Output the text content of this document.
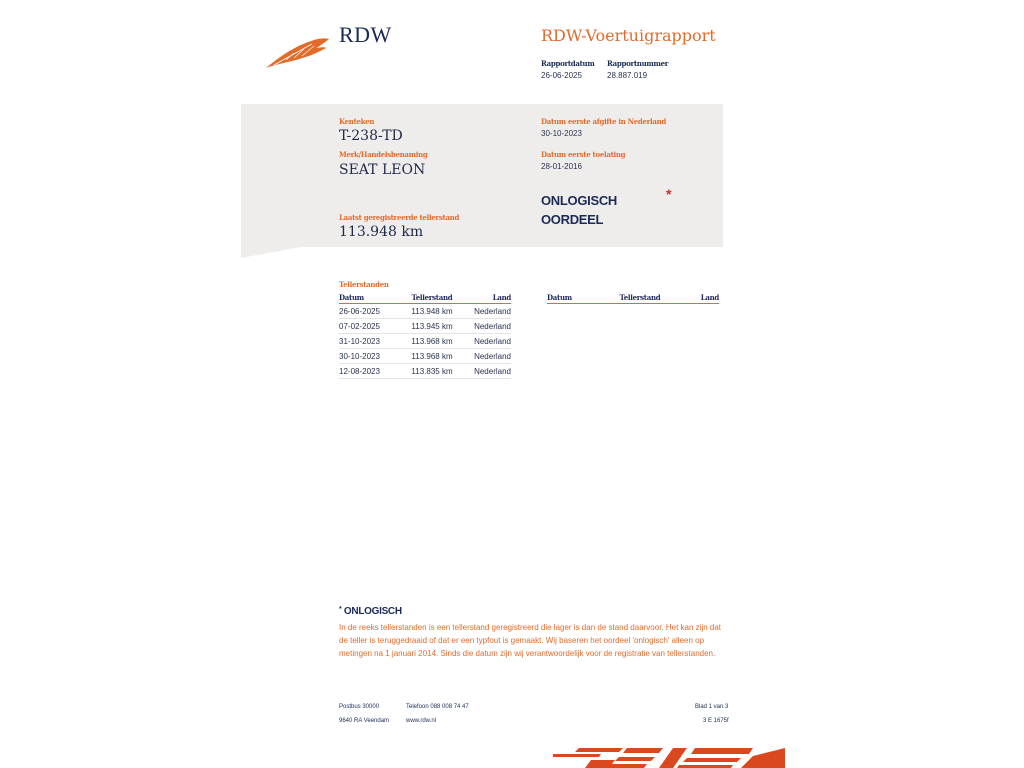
RDW	RDW-Voertuigrapport
Rapportdatum
26-06-2025
Rapportnummer
28.887.019
Kenteken
T-238-TD
Merk/Handelsbenaming
SEAT LEON
Laatst geregistreerde tellerstand
113.948 km
Datum eerste afgifte in Nederland
30-10-2023
Datum eerste toelating
28-01-2016
ONLOGISCH OORDEEL
*
Tellerstanden
Datum	Tellerstand	Land
26-06-2025	113.948 km	Nederland
07-02-2025	113.945 km	Nederland
31-10-2023	113.968 km	Nederland
30-10-2023	113.968 km	Nederland
12-08-2023	113.835 km	Nederland
Datum	Tellerstand	Land
* ONLOGISCH
In de reeks tellerstanden is een tellerstand geregistreerd die lager is dan de stand daarvoor. Het kan zijn dat de teller is teruggedraaid of dat er een typfout is gemaakt. Wij baseren het oordeel 'onlogisch' alleen op metingen na 1 januari 2014. Sinds die datum zijn wij verantwoordelijk voor de registratie van tellerstanden.
Postbus 30000
9640 RA Veendam
Telefoon 088 008 74 47
www.rdw.nl
Blad 1 van 3
3 E 1675f
